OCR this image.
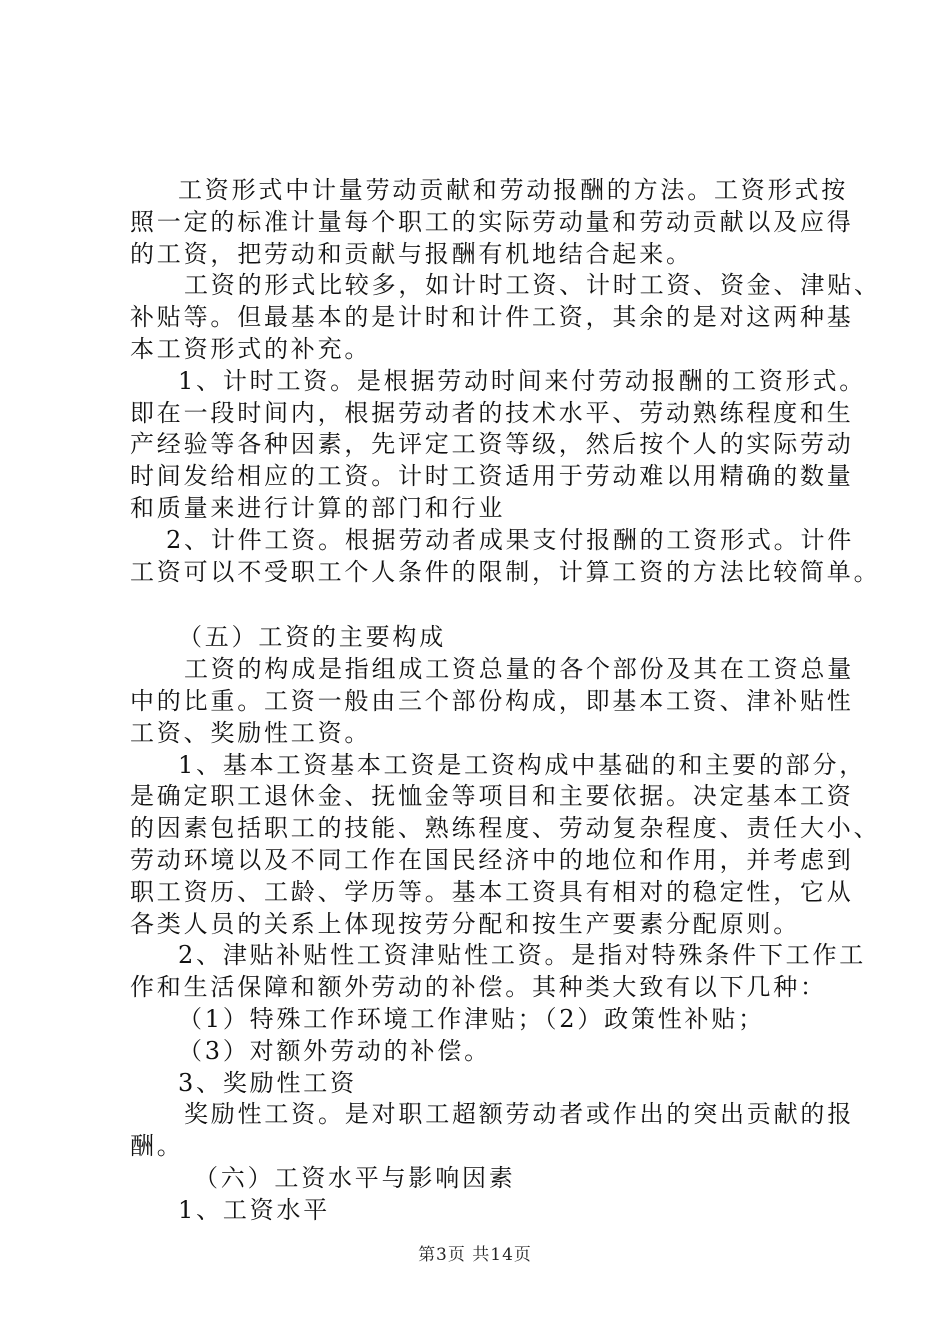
工资形式中计量劳动贡献和劳动报酬的方法。工资形式按
照一定的标准计量每个职工的实际劳动量和劳动贡献以及应得
的工资，把劳动和贡献与报酬有机地结合起来。
工资的形式比较多，如计时工资、计时工资、资金、津贴、
补贴等。但最基本的是计时和计件工资，其余的是对这两种基
本工资形式的补充。
1、计时工资。是根据劳动时间来付劳动报酬的工资形式。
即在一段时间内，根据劳动者的技术水平、劳动熟练程度和生
产经验等各种因素，先评定工资等级，然后按个人的实际劳动
时间发给相应的工资。计时工资适用于劳动难以用精确的数量
和质量来进行计算的部门和行业
2、计件工资。根据劳动者成果支付报酬的工资形式。计件
工资可以不受职工个人条件的限制，计算工资的方法比较简单。
（五）工资的主要构成
工资的构成是指组成工资总量的各个部份及其在工资总量
中的比重。工资一般由三个部份构成，即基本工资、津补贴性
工资、奖励性工资。
1、基本工资基本工资是工资构成中基础的和主要的部分，
是确定职工退休金、抚恤金等项目和主要依据。决定基本工资
的因素包括职工的技能、熟练程度、劳动复杂程度、责任大小、
劳动环境以及不同工作在国民经济中的地位和作用，并考虑到
职工资历、工龄、学历等。基本工资具有相对的稳定性，它从
各类人员的关系上体现按劳分配和按生产要素分配原则。
2、津贴补贴性工资津贴性工资。是指对特殊条件下工作工
作和生活保障和额外劳动的补偿。其种类大致有以下几种：
（1）特殊工作环境工作津贴；（2）政策性补贴；
（3）对额外劳动的补偿。
3、奖励性工资
奖励性工资。是对职工超额劳动者或作出的突出贡献的报
酬。
（六）工资水平与影响因素
1、工资水平
第3页 共14页
